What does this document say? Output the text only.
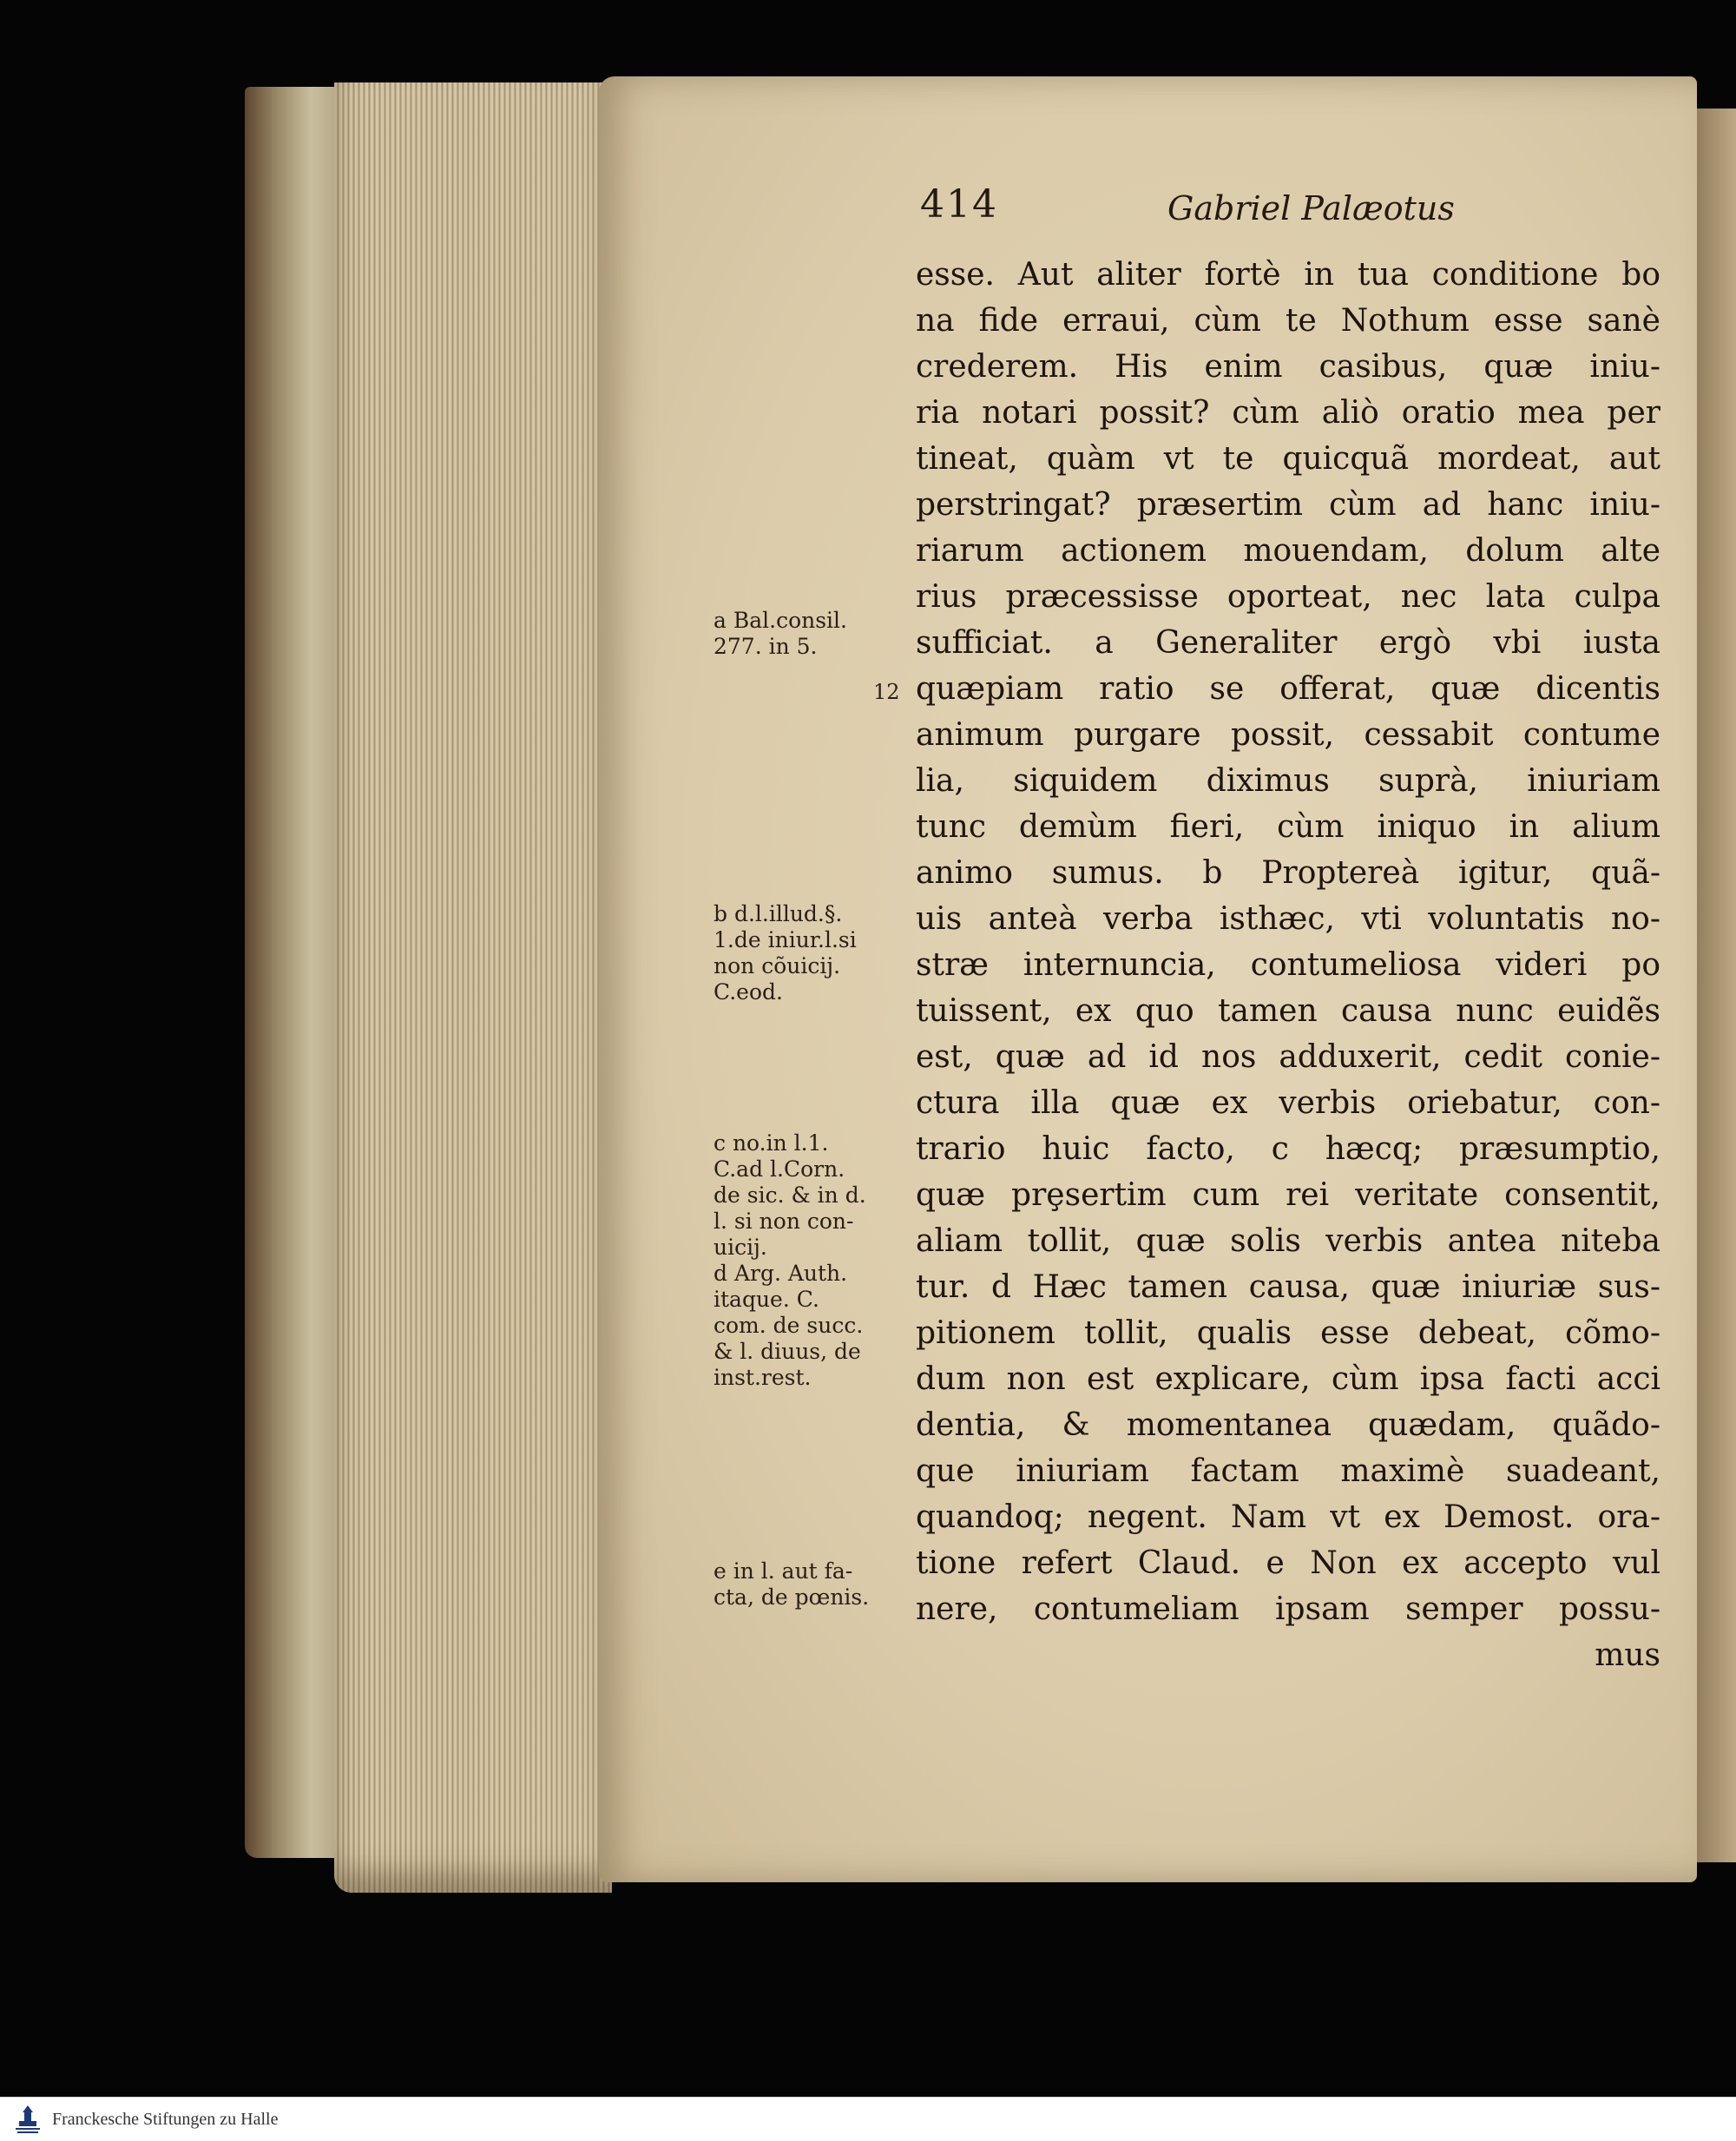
414	Gabriel Palæotus
esse. Aut aliter fortè in tua conditione bo
na fide erraui, cùm te Nothum esse sanè
crederem. His enim casibus, quæ iniu-
ria notari possit? cùm aliò oratio mea per
tineat, quàm vt te quicquã mordeat, aut
perstringat? præsertim cùm ad hanc iniu-
riarum actionem mouendam, dolum alte
rius præcessisse oporteat, nec lata culpa
sufficiat. a Generaliter ergò vbi iusta
quæpiam ratio se offerat, quæ dicentis
animum purgare possit, cessabit contume
lia, siquidem diximus suprà, iniuriam
tunc demùm fieri, cùm iniquo in alium
animo sumus. b Proptereà igitur, quã-
uis anteà verba isthæc, vti voluntatis no-
stræ internuncia, contumeliosa videri po
tuissent, ex quo tamen causa nunc euidẽs
est, quæ ad id nos adduxerit, cedit conie-
ctura illa quæ ex verbis oriebatur, con-
trario huic facto, c hæcq; præsumptio,
quæ prȩsertim cum rei veritate consentit,
aliam tollit, quæ solis verbis antea niteba
tur. d Hæc tamen causa, quæ iniuriæ sus-
pitionem tollit, qualis esse debeat, cõmo-
dum non est explicare, cùm ipsa facti acci
dentia, & momentanea quædam, quãdo-
que iniuriam factam maximè suadeant,
quandoq; negent. Nam vt ex Demost. ora-
tione refert Claud. e Non ex accepto vul
nere, contumeliam ipsam semper possu-
mus
12
a Bal.consil.
277. in 5.
b d.l.illud.§.
1.de iniur.l.si
non cõuicij.
C.eod.
c no.in l.1.
C.ad l.Corn.
de sic. & in d.
l. si non con-
uicij.
d Arg. Auth.
itaque. C.
com. de succ.
& l. diuus, de
inst.rest.
e in l. aut fa-
cta, de pœnis.
Franckesche Stiftungen zu Halle
